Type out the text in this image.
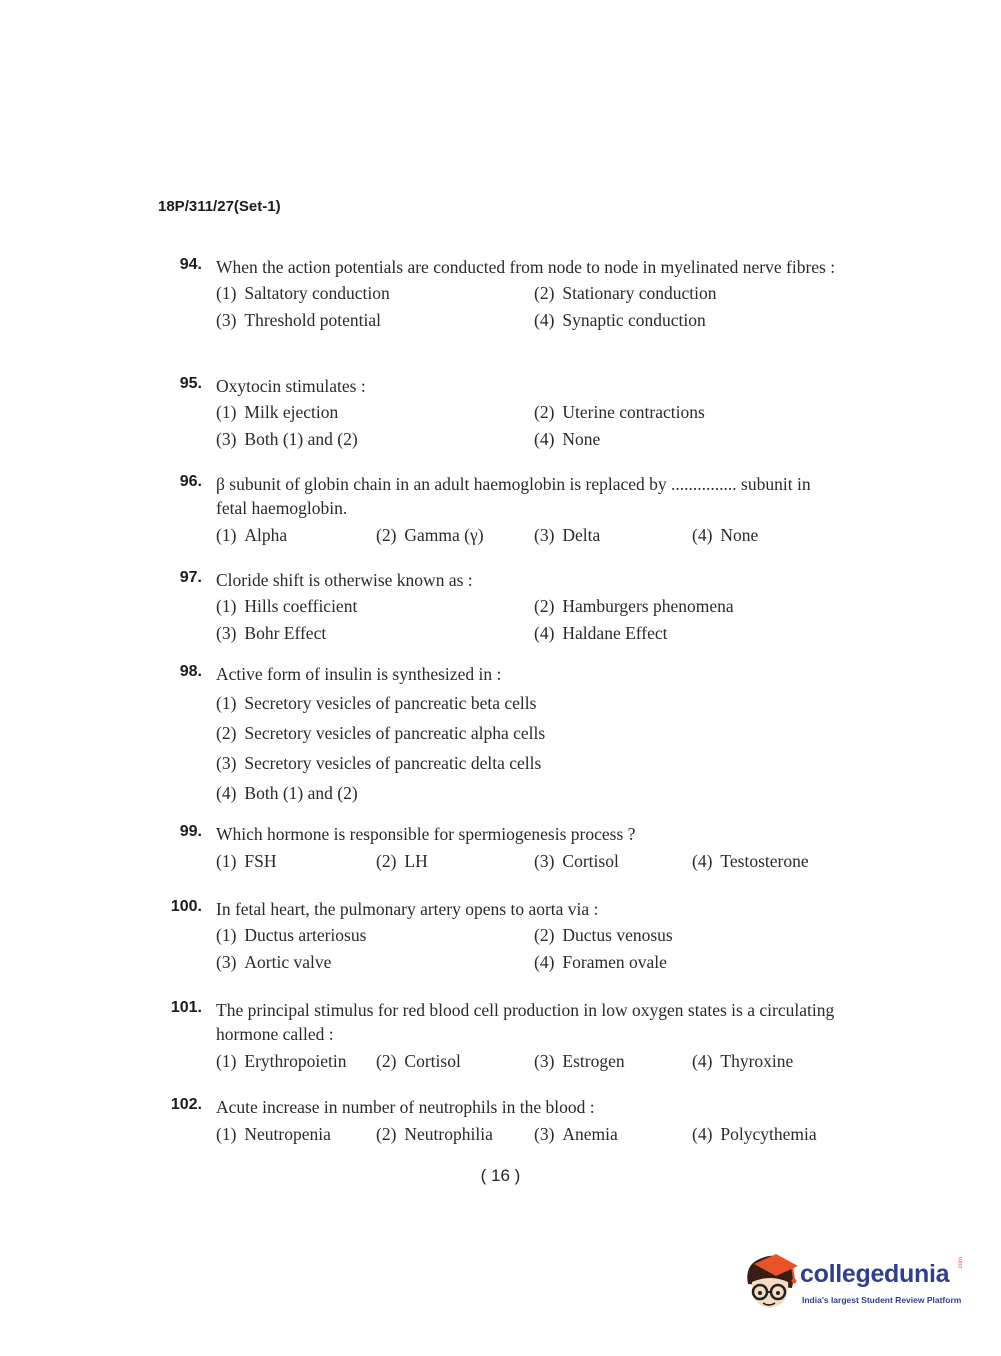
18P/311/27(Set-1)
94. When the action potentials are conducted from node to node in myelinated nerve fibres :
(1) Saltatory conduction	(2) Stationary conduction
(3) Threshold potential	(4) Synaptic conduction
95. Oxytocin stimulates :
(1) Milk ejection	(2) Uterine contractions
(3) Both (1) and (2)	(4) None
96. β subunit of globin chain in an adult haemoglobin is replaced by ............... subunit in fetal haemoglobin.
(1) Alpha	(2) Gamma (γ)	(3) Delta	(4) None
97. Cloride shift is otherwise known as :
(1) Hills coefficient	(2) Hamburgers phenomena
(3) Bohr Effect	(4) Haldane Effect
98. Active form of insulin is synthesized in :
(1) Secretory vesicles of pancreatic beta cells
(2) Secretory vesicles of pancreatic alpha cells
(3) Secretory vesicles of pancreatic delta cells
(4) Both (1) and (2)
99. Which hormone is responsible for spermiogenesis process ?
(1) FSH	(2) LH	(3) Cortisol	(4) Testosterone
100. In fetal heart, the pulmonary artery opens to aorta via :
(1) Ductus arteriosus	(2) Ductus venosus
(3) Aortic valve	(4) Foramen ovale
101. The principal stimulus for red blood cell production in low oxygen states is a circulating hormone called :
(1) Erythropoietin	(2) Cortisol	(3) Estrogen	(4) Thyroxine
102. Acute increase in number of neutrophils in the blood :
(1) Neutropenia	(2) Neutrophilia	(3) Anemia	(4) Polycythemia
( 16 )
collegedunia .com
India's largest Student Review Platform
